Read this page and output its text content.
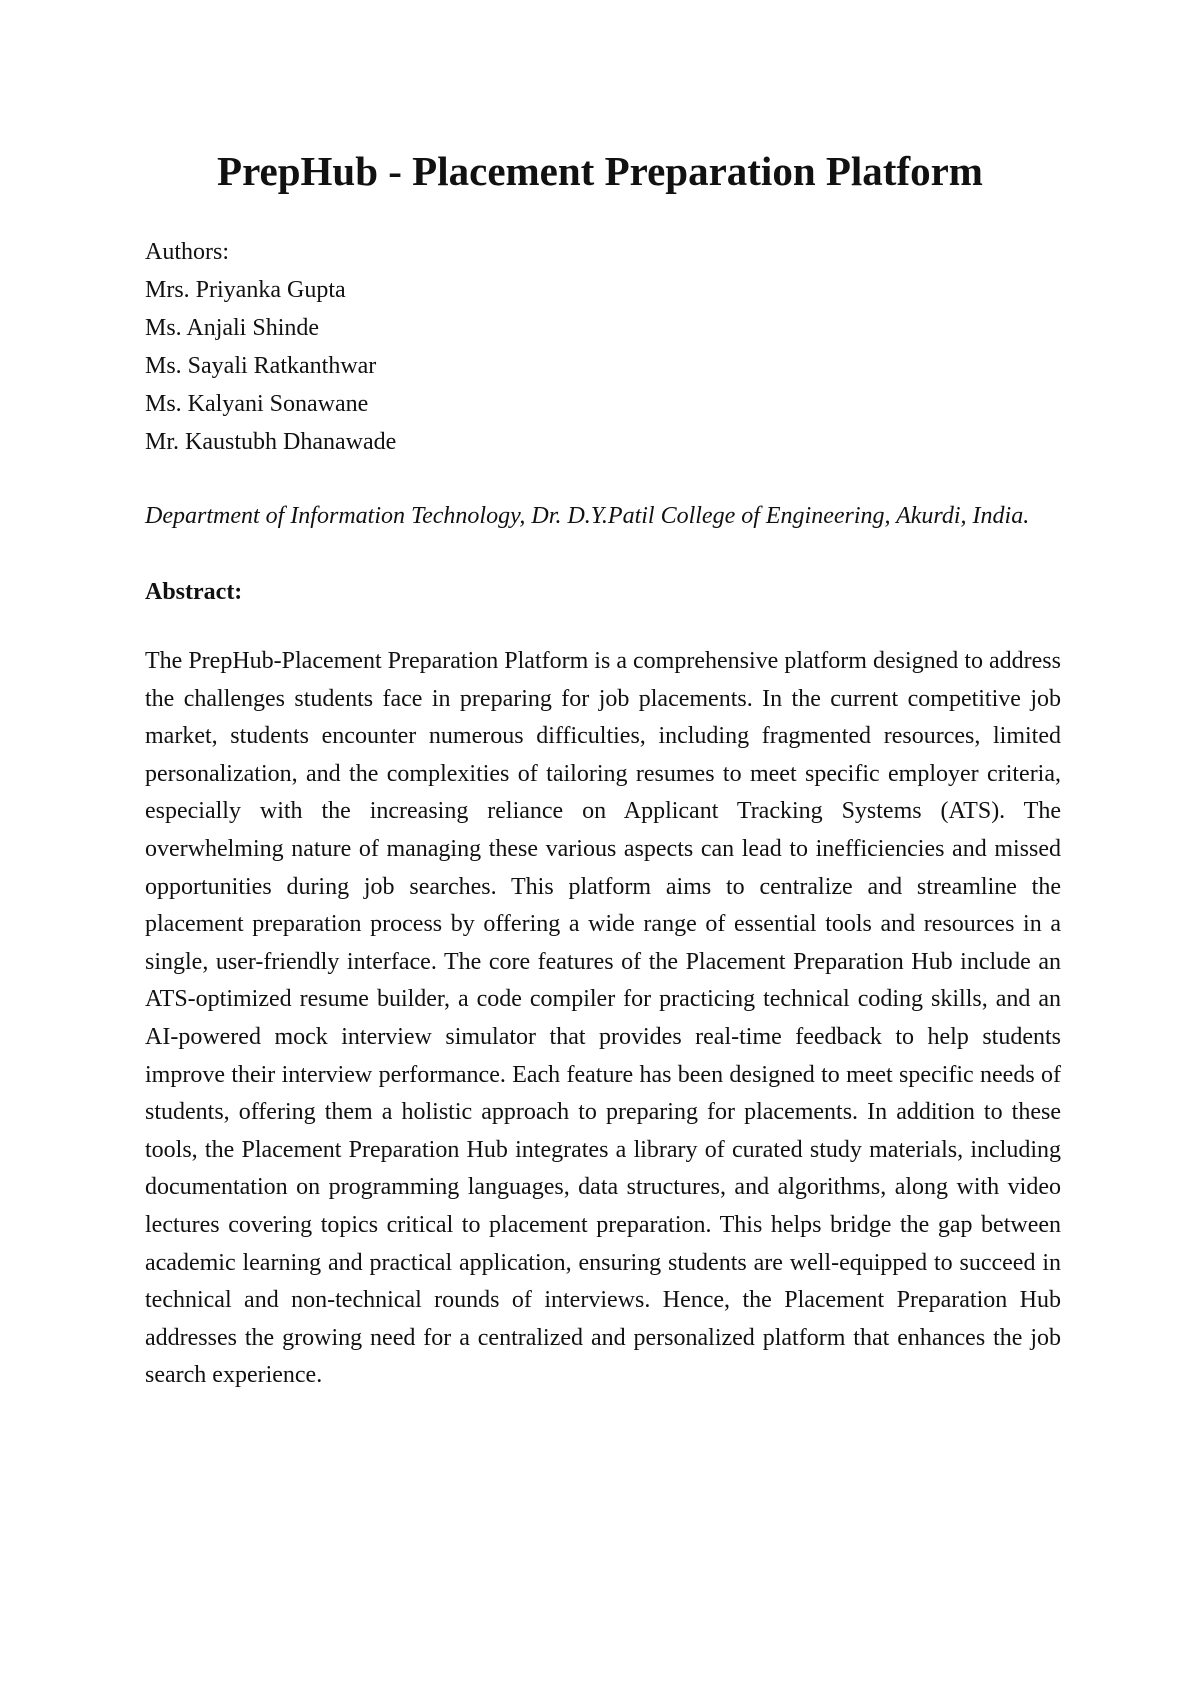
PrepHub - Placement Preparation Platform
Authors:
Mrs. Priyanka Gupta
Ms. Anjali Shinde
Ms. Sayali Ratkanthwar
Ms. Kalyani Sonawane
Mr. Kaustubh Dhanawade
Department of Information Technology, Dr. D.Y.Patil College of Engineering, Akurdi, India.
Abstract:

The PrepHub-Placement Preparation Platform is a comprehensive platform designed to address the challenges students face in preparing for job placements. In the current competitive job market, students encounter numerous difficulties, including fragmented resources, limited personalization, and the complexities of tailoring resumes to meet specific employer criteria, especially with the increasing reliance on Applicant Tracking Systems (ATS). The overwhelming nature of managing these various aspects can lead to inefficiencies and missed opportunities during job searches. This platform aims to centralize and streamline the placement preparation process by offering a wide range of essential tools and resources in a single, user-friendly interface. The core features of the Placement Preparation Hub include an ATS-optimized resume builder, a code compiler for practicing technical coding skills, and an AI-powered mock interview simulator that provides real-time feedback to help students improve their interview performance. Each feature has been designed to meet specific needs of students, offering them a holistic approach to preparing for placements. In addition to these tools, the Placement Preparation Hub integrates a library of curated study materials, including documentation on programming languages, data structures, and algorithms, along with video lectures covering topics critical to placement preparation. This helps bridge the gap between academic learning and practical application, ensuring students are well-equipped to succeed in technical and non-technical rounds of interviews. Hence, the Placement Preparation Hub addresses the growing need for a centralized and personalized platform that enhances the job search experience.
